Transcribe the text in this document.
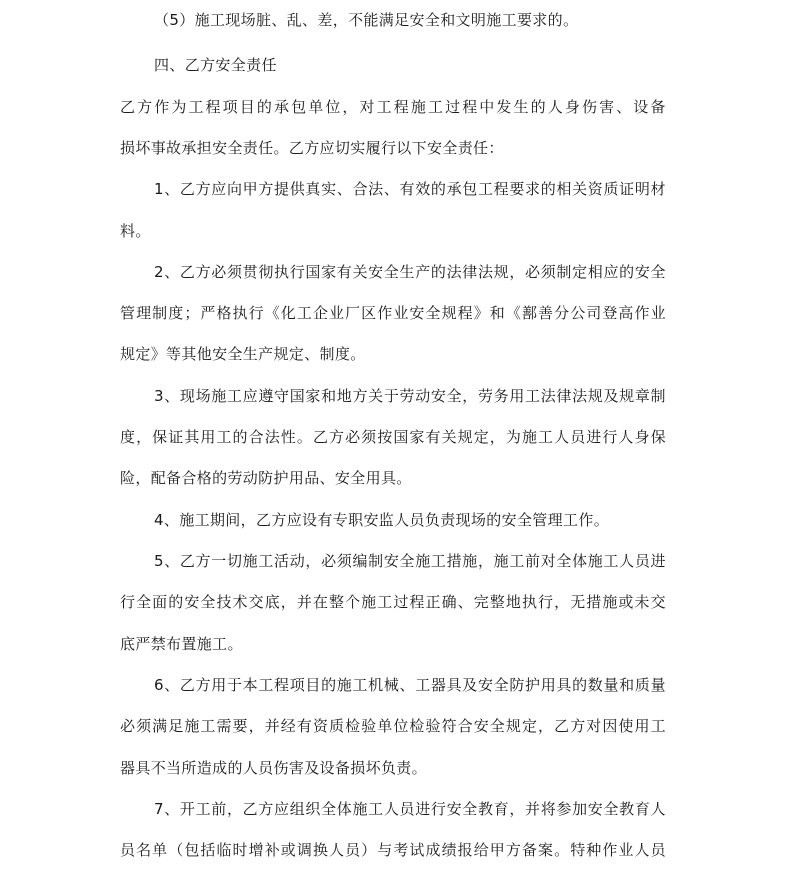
（5）施工现场脏、乱、差，不能满足安全和文明施工要求的。
四、乙方安全责任
乙 方 作 为 工 程 项 目 的 承 包 单 位 ， 对 工 程 施 工 过 程 中 发 生 的 人 身 伤 害 、 设 备
损坏事故承担安全责任。乙方应切实履行以下安全责任：
1 、 乙 方 应 向 甲 方 提 供 真 实 、 合 法 、 有 效 的 承 包 工 程 要 求 的 相 关 资 质 证 明 材
料。
2 、 乙 方 必 须 贯 彻 执 行 国 家 有 关 安 全 生 产 的 法 律 法 规 ， 必 须 制 定 相 应 的 安 全
管 理 制 度 ； 严 格 执 行 《 化 工 企 业 厂 区 作 业 安 全 规 程 》 和 《 鄯 善 分 公 司 登 高 作 业
规定》等其他安全生产规定、制度。
3 、 现 场 施 工 应 遵 守 国 家 和 地 方 关 于 劳 动 安 全 ， 劳 务 用 工 法 律 法 规 及 规 章 制
度 ， 保 证 其 用 工 的 合 法 性 。 乙 方 必 须 按 国 家 有 关 规 定 ， 为 施 工 人 员 进 行 人 身 保
险，配备合格的劳动防护用品、安全用具。
4、施工期间，乙方应设有专职安监人员负责现场的安全管理工作。
5 、 乙 方 一 切 施 工 活 动 ， 必 须 编 制 安 全 施 工 措 施 ， 施 工 前 对 全 体 施 工 人 员 进
行 全 面 的 安 全 技 术 交 底 ， 并 在 整 个 施 工 过 程 正 确 、 完 整 地 执 行 ， 无 措 施 或 未 交
底严禁布置施工。
6 、 乙 方 用 于 本 工 程 项 目 的 施 工 机 械 、 工 器 具 及 安 全 防 护 用 具 的 数 量 和 质 量
必 须 满 足 施 工 需 要 ， 并 经 有 资 质 检 验 单 位 检 验 符 合 安 全 规 定 ， 乙 方 对 因 使 用 工
器具不当所造成的人员伤害及设备损坏负责。
7 、 开 工 前 ， 乙 方 应 组 织 全 体 施 工 人 员 进 行 安 全 教 育 ， 并 将 参 加 安 全 教 育 人
员 名 单 （ 包 括 临 时 增 补 或 调 换 人 员 ） 与 考 试 成 绩 报 给 甲 方 备 案 。 特 种 作 业 人 员
